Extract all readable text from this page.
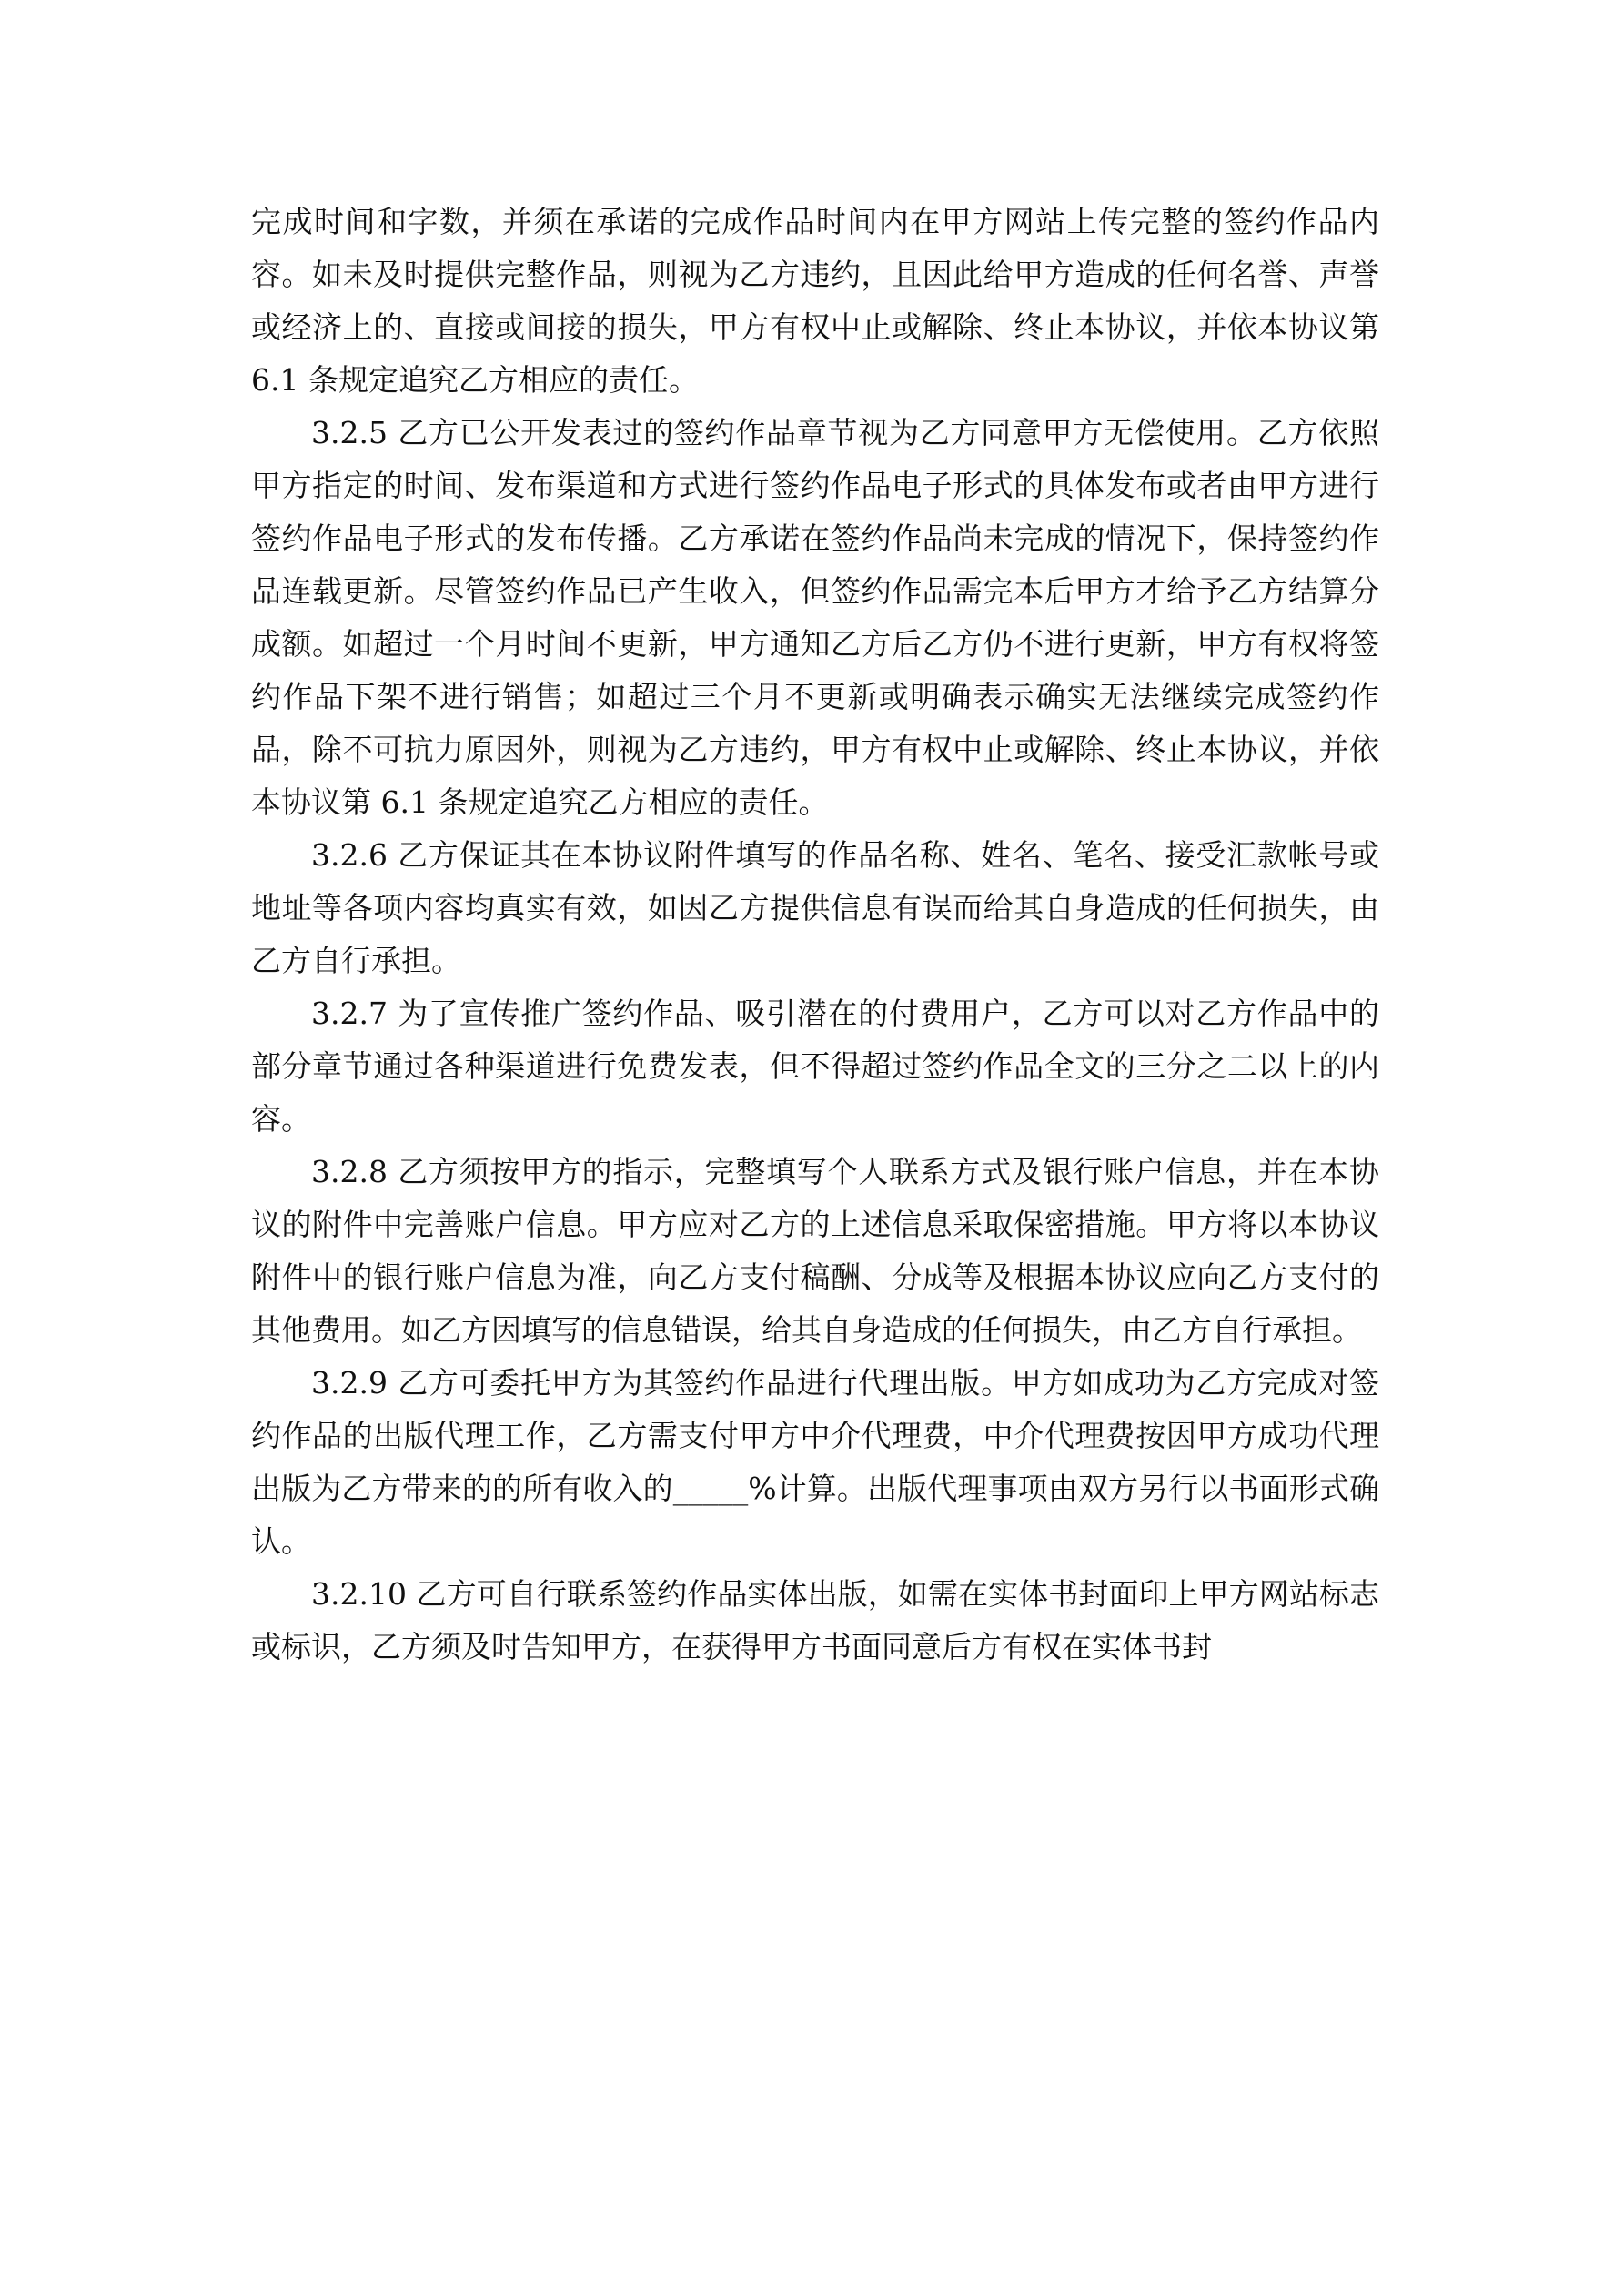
完成时间和字数，并须在承诺的完成作品时间内在甲方网站上传完整的签约作品内容。如未及时提供完整作品，则视为乙方违约，且因此给甲方造成的任何名誉、声誉或经济上的、直接或间接的损失，甲方有权中止或解除、终止本协议，并依本协议第 6.1 条规定追究乙方相应的责任。

3.2.5 乙方已公开发表过的签约作品章节视为乙方同意甲方无偿使用。乙方依照甲方指定的时间、发布渠道和方式进行签约作品电子形式的具体发布或者由甲方进行签约作品电子形式的发布传播。乙方承诺在签约作品尚未完成的情况下，保持签约作品连载更新。尽管签约作品已产生收入，但签约作品需完本后甲方才给予乙方结算分成额。如超过一个月时间不更新，甲方通知乙方后乙方仍不进行更新，甲方有权将签约作品下架不进行销售；如超过三个月不更新或明确表示确实无法继续完成签约作品，除不可抗力原因外，则视为乙方违约，甲方有权中止或解除、终止本协议，并依本协议第 6.1 条规定追究乙方相应的责任。

3.2.6 乙方保证其在本协议附件填写的作品名称、姓名、笔名、接受汇款帐号或地址等各项内容均真实有效，如因乙方提供信息有误而给其自身造成的任何损失，由乙方自行承担。

3.2.7 为了宣传推广签约作品、吸引潜在的付费用户，乙方可以对乙方作品中的部分章节通过各种渠道进行免费发表，但不得超过签约作品全文的三分之二以上的内容。

3.2.8 乙方须按甲方的指示，完整填写个人联系方式及银行账户信息，并在本协议的附件中完善账户信息。甲方应对乙方的上述信息采取保密措施。甲方将以本协议附件中的银行账户信息为准，向乙方支付稿酬、分成等及根据本协议应向乙方支付的其他费用。如乙方因填写的信息错误，给其自身造成的任何损失，由乙方自行承担。

3.2.9 乙方可委托甲方为其签约作品进行代理出版。甲方如成功为乙方完成对签约作品的出版代理工作，乙方需支付甲方中介代理费，中介代理费按因甲方成功代理出版为乙方带来的的所有收入的_____%计算。出版代理事项由双方另行以书面形式确认。

3.2.10 乙方可自行联系签约作品实体出版，如需在实体书封面印上甲方网站标志或标识，乙方须及时告知甲方，在获得甲方书面同意后方有权在实体书封
